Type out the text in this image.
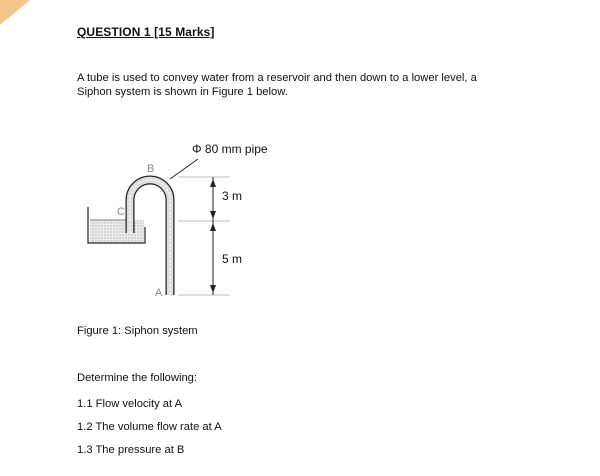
QUESTION 1 [15 Marks]

A tube is used to convey water from a reservoir and then down to a lower level, a
Siphon system is shown in Figure 1 below.

B
C
A
Φ 80 mm pipe
3 m
5 m

Figure 1: Siphon system

Determine the following:

1.1 Flow velocity at A
1.2 The volume flow rate at A
1.3 The pressure at B
